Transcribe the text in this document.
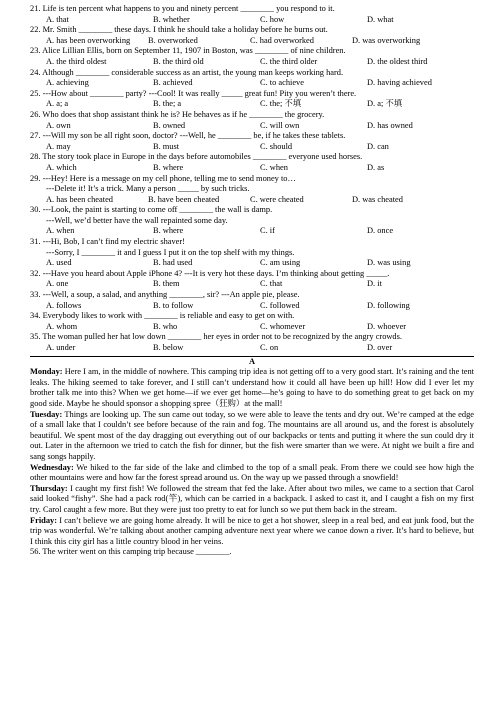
21. Life is ten percent what happens to you and ninety percent ________ you respond to it.
A. that	B. whether	C. how	D. what
22. Mr. Smith ________ these days. I think he should take a holiday before he burns out.
A. has been overworking	B. overworked	C. had overworked	D. was overworking
23. Alice Lillian Ellis, born on September 11, 1907 in Boston, was ________ of nine children.
A. the third oldest	B. the third old	C. the third older	D. the oldest third
24. Although ________ considerable success as an artist, the young man keeps working hard.
A. achieving	B. achieved	C. to achieve	D. having achieved
25. ---How about ________ party? ---Cool! It was really _____ great fun! Pity you weren’t there.
A. a; a	B. the; a	C. the; 不填	D. a; 不填
26. Who does that shop assistant think he is? He behaves as if he ________ the grocery.
A. own	B. owned	C. will own	D. has owned
27. ---Will my son be all right soon, doctor? ---Well, he ________ be, if he takes these tablets.
A. may	B. must	C. should	D. can
28. The story took place in Europe in the days before automobiles ________ everyone used horses.
A. which	B. where	C. when	D. as
29. ---Hey! Here is a message on my cell phone, telling me to send money to…
---Delete it! It’s a trick. Many a person _____ by such tricks.
A. has been cheated	B. have been cheated	C. were cheated	D. was cheated
30. ---Look, the paint is starting to come off ________ the wall is damp.
---Well, we’d better have the wall repainted some day.
A. when	B. where	C. if	D. once
31. ---Hi, Bob, I can’t find my electric shaver!
---Sorry, I ________ it and I guess I put it on the top shelf with my things.
A. used	B. had used	C. am using	D. was using
32. ---Have you heard about Apple iPhone 4? ---It is very hot these days. I’m thinking about getting _____.
A. one	B. them	C. that	D. it
33. ---Well, a soup, a salad, and anything ________, sir? ---An apple pie, please.
A. follows	B. to follow	C. followed	D. following
34. Everybody likes to work with ________ is reliable and easy to get on with.
A. whom	B. who	C. whomever	D. whoever
35. The woman pulled her hat low down ________ her eyes in order not to be recognized by the angry crowds.
A. under	B. below	C. on	D. over
A
Monday: Here I am, in the middle of nowhere. This camping trip idea is not getting off to a very good start. It’s raining and the tent leaks. The hiking seemed to take forever, and I still can’t understand how it could all have been up hill! How did I ever let my brother talk me into this? When we get home—if we ever get home—he’s going to have to do something great to get back on my good side. Maybe he should sponsor a shopping spree（狂购）at the mall!
Tuesday: Things are looking up. The sun came out today, so we were able to leave the tents and dry out. We’re camped at the edge of a small lake that I couldn’t see before because of the rain and fog. The mountains are all around us, and the forest is absolutely beautiful. We spent most of the day dragging out everything out of our backpacks or tents and putting it where the sun could dry it out. Later in the afternoon we tried to catch the fish for dinner, but the fish were smarter than we were. At night we built a fire and sang songs happily.
Wednesday: We hiked to the far side of the lake and climbed to the top of a small peak. From there we could see how high the other mountains were and how far the forest spread around us. On the way up we passed through a snowfield!
Thursday: I caught my first fish! We followed the stream that fed the lake. After about two miles, we came to a section that Carol said looked “fishy”. She had a pack rod(竿), which can be carried in a backpack. I asked to cast it, and I caught a fish on my first try. Carol caught a few more. But they were just too pretty to eat for lunch so we put them back in the stream.
Friday: I can’t believe we are going home already. It will be nice to get a hot shower, sleep in a real bed, and eat junk food, but the trip was wonderful. We’re talking about another camping adventure next year where we canoe down a river. It’s hard to believe, but I think this city girl has a little country blood in her veins.
56. The writer went on this camping trip because ________.
